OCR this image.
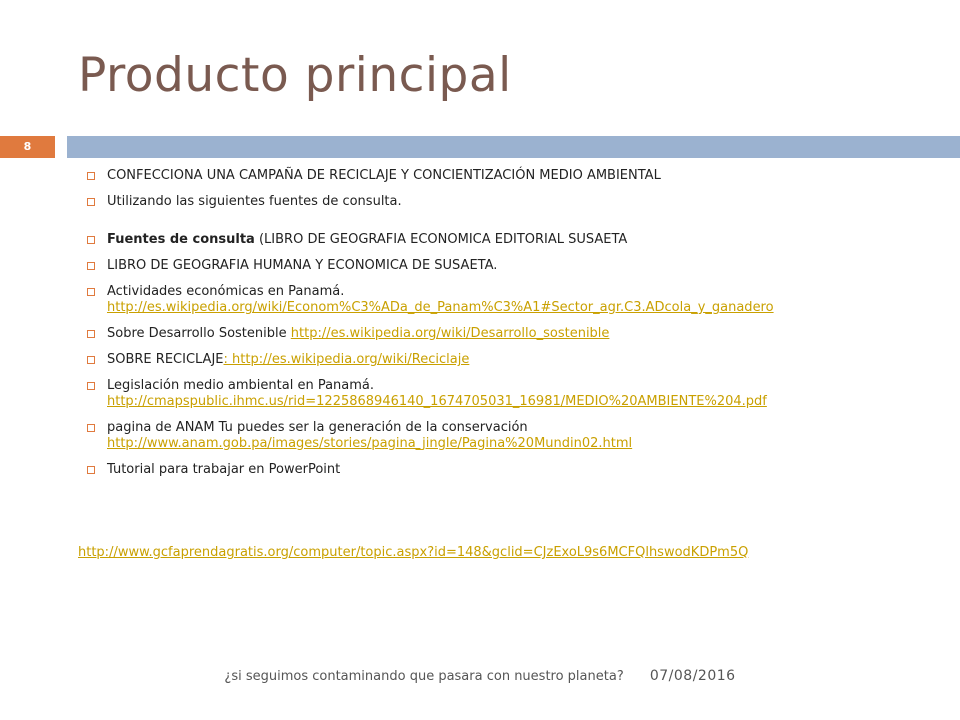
Producto principal
8
CONFECCIONA UNA CAMPAÑA DE RECICLAJE Y CONCIENTIZACIÓN MEDIO AMBIENTAL
Utilizando las siguientes fuentes de consulta.
Fuentes de consulta (LIBRO DE GEOGRAFIA ECONOMICA EDITORIAL SUSAETA
LIBRO DE GEOGRAFIA HUMANA Y ECONOMICA DE SUSAETA.
Actividades económicas en Panamá.
http://es.wikipedia.org/wiki/Econom%C3%ADa_de_Panam%C3%A1#Sector_agr.C3.ADcola_y_ganadero
Sobre Desarrollo Sostenible http://es.wikipedia.org/wiki/Desarrollo_sostenible
SOBRE RECICLAJE: http://es.wikipedia.org/wiki/Reciclaje
Legislación medio ambiental en Panamá.
http://cmapspublic.ihmc.us/rid=1225868946140_1674705031_16981/MEDIO%20AMBIENTE%204.pdf
pagina de ANAM Tu puedes ser la generación de la conservación
http://www.anam.gob.pa/images/stories/pagina_jingle/Pagina%20Mundin02.html
Tutorial para trabajar en PowerPoint
http://www.gcfaprendagratis.org/computer/topic.aspx?id=148&gclid=CJzExoL9s6MCFQlhswodKDPm5Q
¿si seguimos contaminando que pasara con nuestro planeta? 07/08/2016
